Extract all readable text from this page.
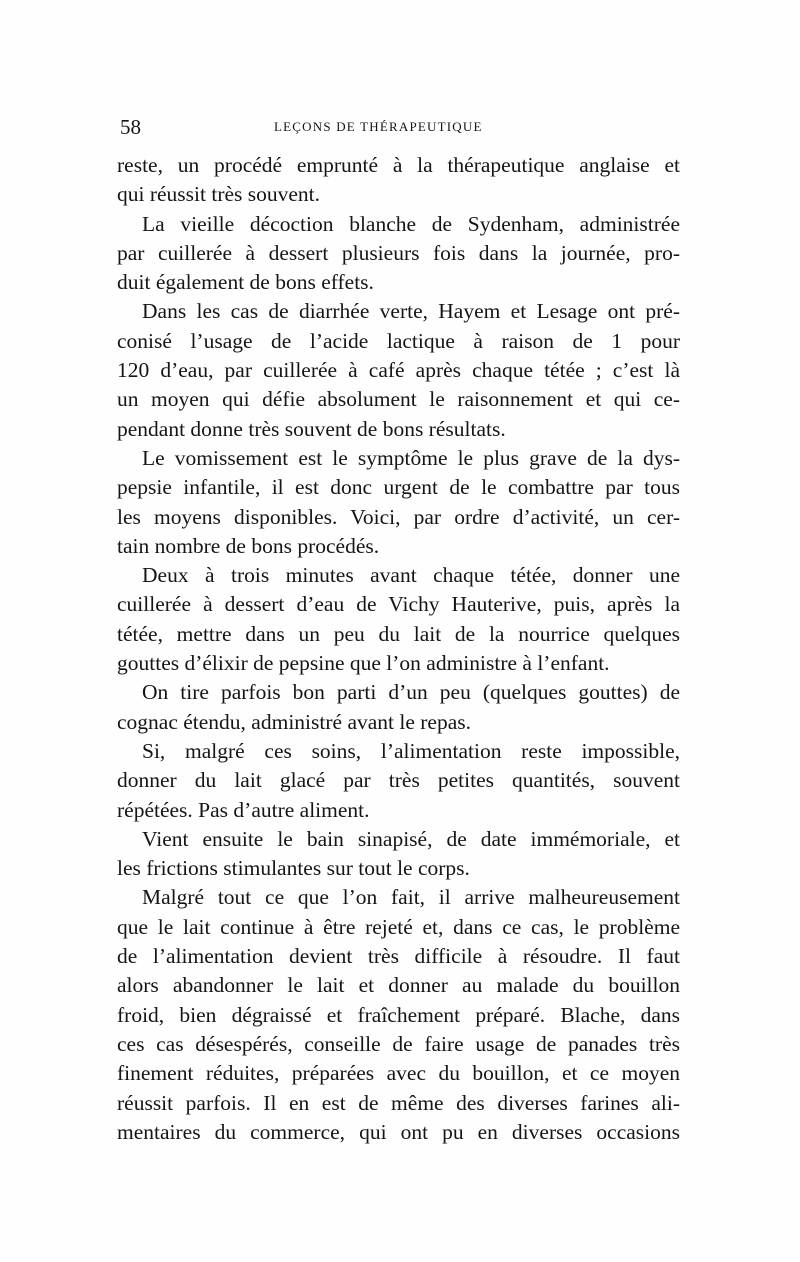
58	LEÇONS DE THÉRAPEUTIQUE
reste, un procédé emprunté à la thérapeutique anglaise et
qui réussit très souvent.
La vieille décoction blanche de Sydenham, administrée
par cuillerée à dessert plusieurs fois dans la journée, pro-
duit également de bons effets.
Dans les cas de diarrhée verte, Hayem et Lesage ont pré-
conisé l’usage de l’acide lactique à raison de 1 pour
120 d’eau, par cuillerée à café après chaque tétée ; c’est là
un moyen qui défie absolument le raisonnement et qui ce-
pendant donne très souvent de bons résultats.
Le vomissement est le symptôme le plus grave de la dys-
pepsie infantile, il est donc urgent de le combattre par tous
les moyens disponibles. Voici, par ordre d’activité, un cer-
tain nombre de bons procédés.
Deux à trois minutes avant chaque tétée, donner une
cuillerée à dessert d’eau de Vichy Hauterive, puis, après la
tétée, mettre dans un peu du lait de la nourrice quelques
gouttes d’élixir de pepsine que l’on administre à l’enfant.
On tire parfois bon parti d’un peu (quelques gouttes) de
cognac étendu, administré avant le repas.
Si, malgré ces soins, l’alimentation reste impossible,
donner du lait glacé par très petites quantités, souvent
répétées. Pas d’autre aliment.
Vient ensuite le bain sinapisé, de date immémoriale, et
les frictions stimulantes sur tout le corps.
Malgré tout ce que l’on fait, il arrive malheureusement
que le lait continue à être rejeté et, dans ce cas, le problème
de l’alimentation devient très difficile à résoudre. Il faut
alors abandonner le lait et donner au malade du bouillon
froid, bien dégraissé et fraîchement préparé. Blache, dans
ces cas désespérés, conseille de faire usage de panades très
finement réduites, préparées avec du bouillon, et ce moyen
réussit parfois. Il en est de même des diverses farines ali-
mentaires du commerce, qui ont pu en diverses occasions
